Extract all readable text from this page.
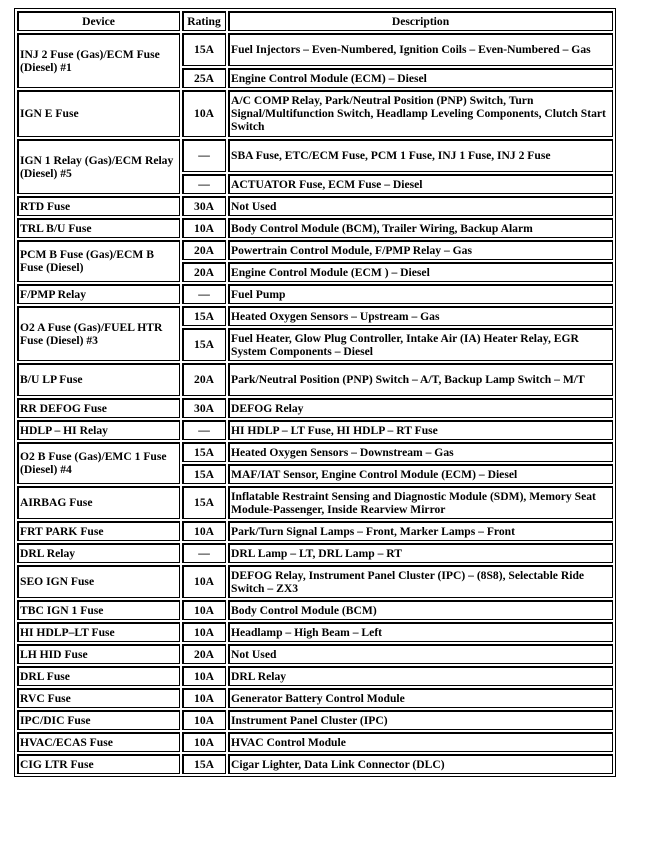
Device	Rating	Description
INJ 2 Fuse (Gas)/ECM Fuse (Diesel) #1	15A	Fuel Injectors – Even-Numbered, Ignition Coils – Even-Numbered – Gas
	25A	Engine Control Module (ECM) – Diesel
IGN E Fuse	10A	A/C COMP Relay, Park/Neutral Position (PNP) Switch, Turn Signal/Multifunction Switch, Headlamp Leveling Components, Clutch Start Switch
IGN 1 Relay (Gas)/ECM Relay (Diesel) #5	—	SBA Fuse, ETC/ECM Fuse, PCM 1 Fuse, INJ 1 Fuse, INJ 2 Fuse
	—	ACTUATOR Fuse, ECM Fuse – Diesel
RTD Fuse	30A	Not Used
TRL B/U Fuse	10A	Body Control Module (BCM), Trailer Wiring, Backup Alarm
PCM B Fuse (Gas)/ECM B Fuse (Diesel)	20A	Powertrain Control Module, F/PMP Relay – Gas
	20A	Engine Control Module (ECM ) – Diesel
F/PMP Relay	—	Fuel Pump
O2 A Fuse (Gas)/FUEL HTR Fuse (Diesel) #3	15A	Heated Oxygen Sensors – Upstream – Gas
	15A	Fuel Heater, Glow Plug Controller, Intake Air (IA) Heater Relay, EGR System Components – Diesel
B/U LP Fuse	20A	Park/Neutral Position (PNP) Switch – A/T, Backup Lamp Switch – M/T
RR DEFOG Fuse	30A	DEFOG Relay
HDLP – HI Relay	—	HI HDLP – LT Fuse, HI HDLP – RT Fuse
O2 B Fuse (Gas)/EMC 1 Fuse (Diesel) #4	15A	Heated Oxygen Sensors – Downstream – Gas
	15A	MAF/IAT Sensor, Engine Control Module (ECM) – Diesel
AIRBAG Fuse	15A	Inflatable Restraint Sensing and Diagnostic Module (SDM), Memory Seat Module-Passenger, Inside Rearview Mirror
FRT PARK Fuse	10A	Park/Turn Signal Lamps – Front, Marker Lamps – Front
DRL Relay	—	DRL Lamp – LT, DRL Lamp – RT
SEO IGN Fuse	10A	DEFOG Relay, Instrument Panel Cluster (IPC) – (8S8), Selectable Ride Switch – ZX3
TBC IGN 1 Fuse	10A	Body Control Module (BCM)
HI HDLP–LT Fuse	10A	Headlamp – High Beam – Left
LH HID Fuse	20A	Not Used
DRL Fuse	10A	DRL Relay
RVC Fuse	10A	Generator Battery Control Module
IPC/DIC Fuse	10A	Instrument Panel Cluster (IPC)
HVAC/ECAS Fuse	10A	HVAC Control Module
CIG LTR Fuse	15A	Cigar Lighter, Data Link Connector (DLC)
